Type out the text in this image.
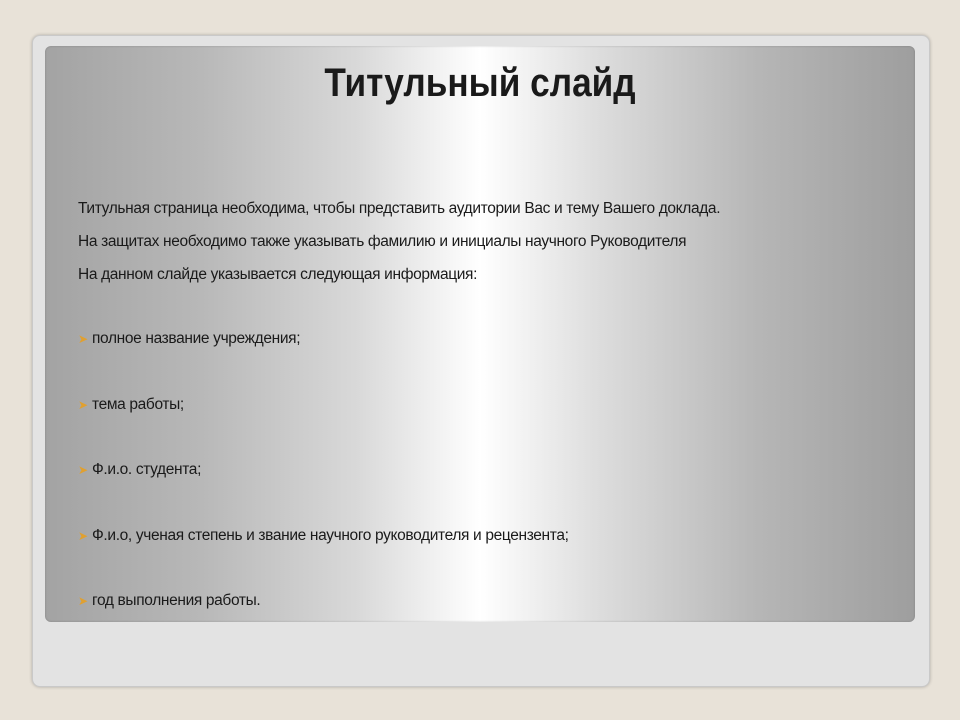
Титульный слайд

Титульная страница необходима, чтобы представить аудитории Вас и тему Вашего доклада.

На защитах необходимо также указывать фамилию и инициалы научного Руководителя

На данном слайде указывается следующая информация:

➤ полное название учреждения;
➤ тема работы;
➤ Ф.и.о. студента;
➤ Ф.и.о, ученая степень и звание научного руководителя и рецензента;
➤ год выполнения работы.
